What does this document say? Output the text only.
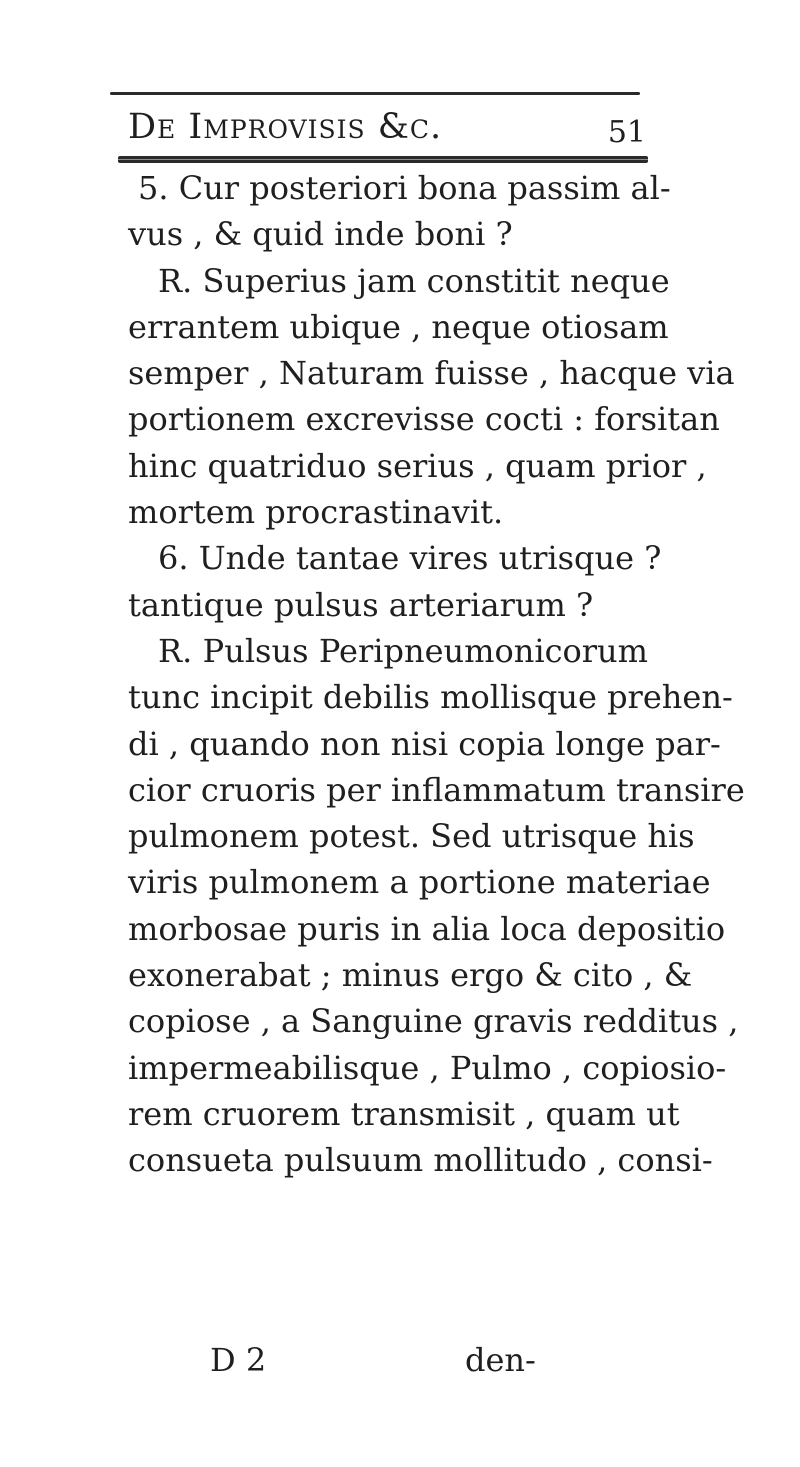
De Improvisis &c.	51
5. Cur posteriori bona passim al-
vus , & quid inde boni ?
R. Superius jam constitit neque
errantem ubique , neque otiosam
semper , Naturam fuisse , hacque via
portionem excrevisse cocti : forsitan
hinc quatriduo serius , quam prior ,
mortem procrastinavit.
6. Unde tantae vires utrisque ?
tantique pulsus arteriarum ?
R. Pulsus Peripneumonicorum
tunc incipit debilis mollisque prehen-
di , quando non nisi copia longe par-
cior cruoris per inflammatum transire
pulmonem potest. Sed utrisque his
viris pulmonem a portione materiae
morbosae puris in alia loca depositio
exonerabat ; minus ergo & cito , &
copiose , a Sanguine gravis redditus ,
impermeabilisque , Pulmo , copiosio-
rem cruorem transmisit , quam ut
consueta pulsuum mollitudo , consi-
D 2	den-
